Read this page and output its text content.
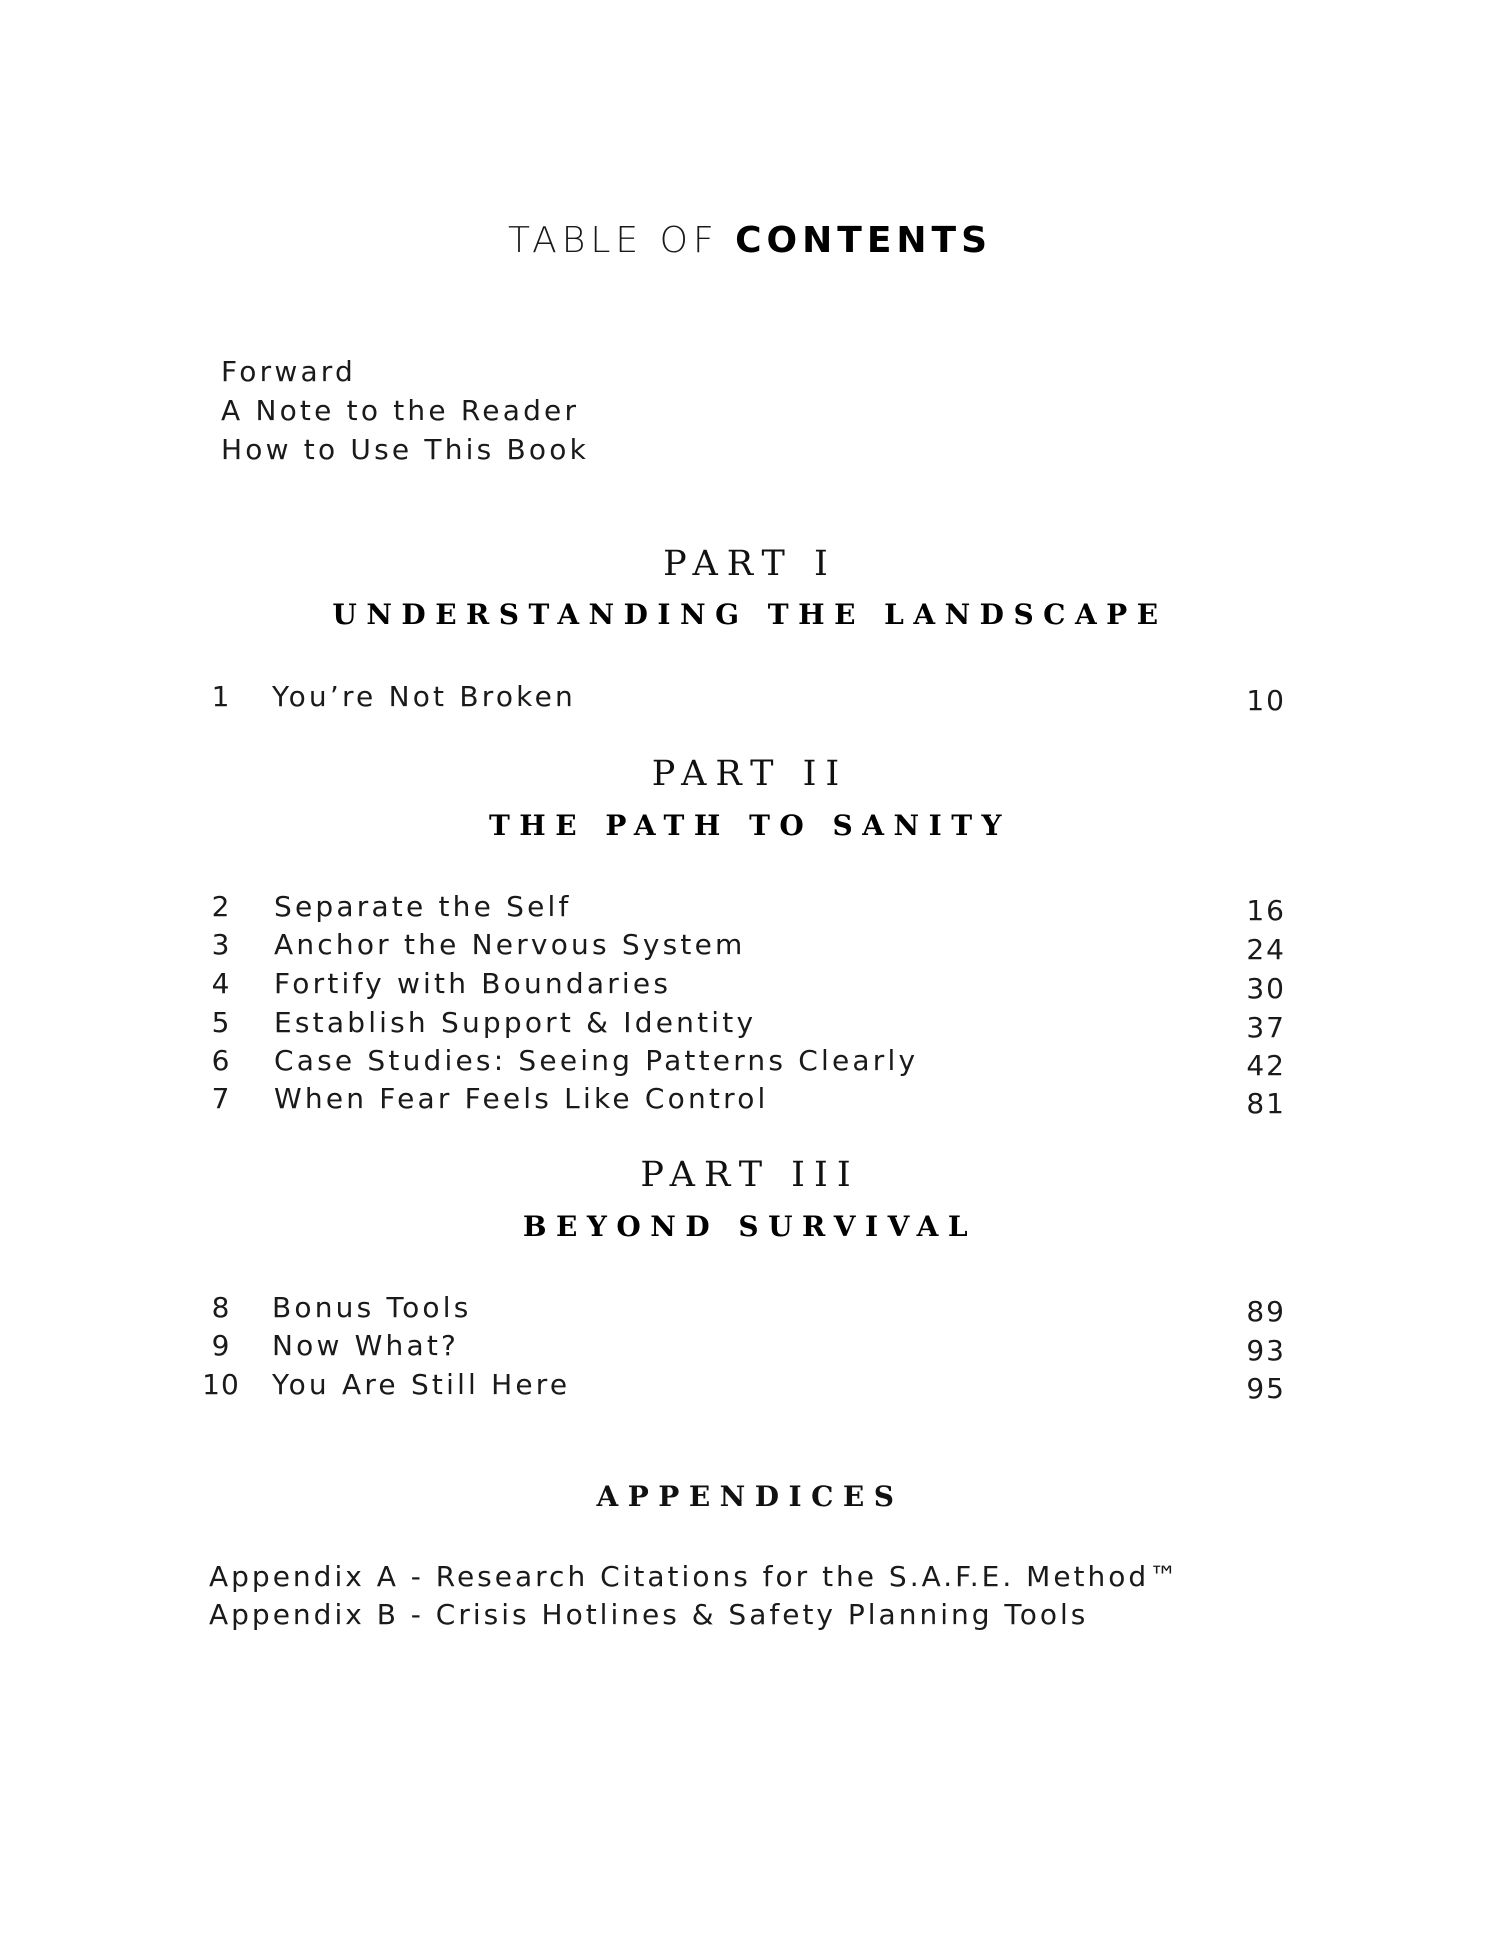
TABLE OF CONTENTS
Forward
A Note to the Reader
How to Use This Book
PART I
UNDERSTANDING THE LANDSCAPE
1	You’re Not Broken	10
PART II
THE PATH TO SANITY
2	Separate the Self	16
3	Anchor the Nervous System	24
4	Fortify with Boundaries	30
5	Establish Support & Identity	37
6	Case Studies: Seeing Patterns Clearly	42
7	When Fear Feels Like Control	81
PART III
BEYOND SURVIVAL
8	Bonus Tools	89
9	Now What?	93
10 You Are Still Here	95
APPENDICES
Appendix A - Research Citations for the S.A.F.E. Method™
Appendix B - Crisis Hotlines & Safety Planning Tools
